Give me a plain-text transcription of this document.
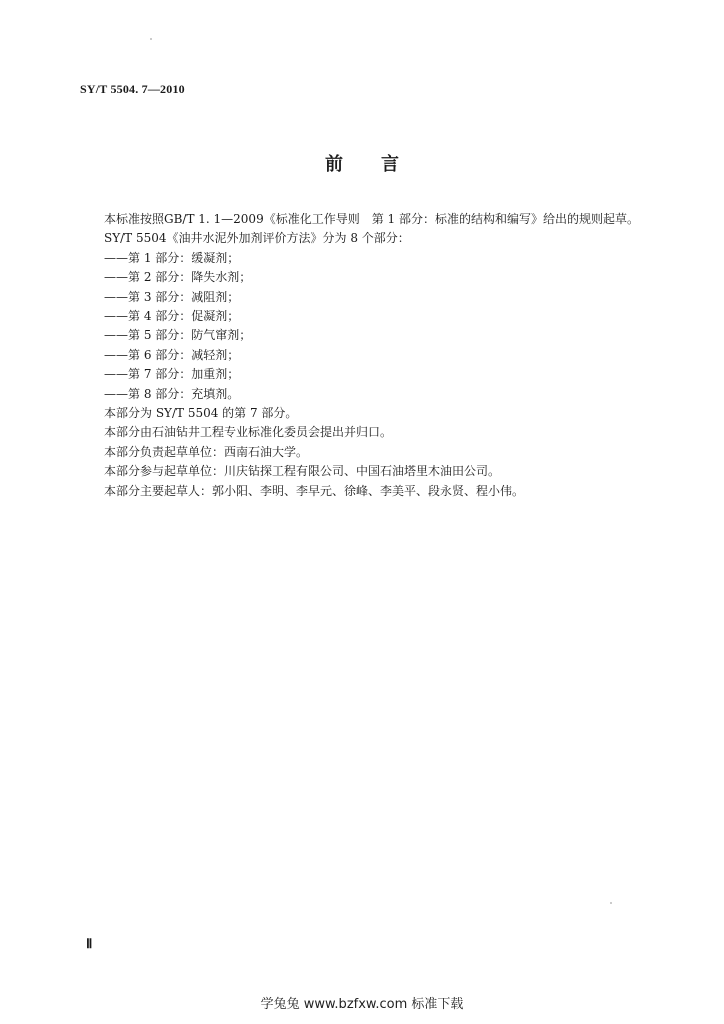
SY/T 5504. 7—2010
前言

本标准按照GB/T 1. 1—2009《标准化工作导则　第 1 部分：标准的结构和编写》给出的规则起草。

SY/T 5504《油井水泥外加剂评价方法》分为 8 个部分：

——第 1 部分：缓凝剂；

——第 2 部分：降失水剂；

——第 3 部分：减阻剂；

——第 4 部分：促凝剂；

——第 5 部分：防气窜剂；

——第 6 部分：减轻剂；

——第 7 部分：加重剂；

——第 8 部分：充填剂。

本部分为 SY/T 5504 的第 7 部分。

本部分由石油钻井工程专业标准化委员会提出并归口。

本部分负责起草单位：西南石油大学。

本部分参与起草单位：川庆钻探工程有限公司、中国石油塔里木油田公司。

本部分主要起草人：郭小阳、李明、李早元、徐峰、李美平、段永贤、程小伟。

Ⅱ
学兔兔 www.bzfxw.com 标准下载
